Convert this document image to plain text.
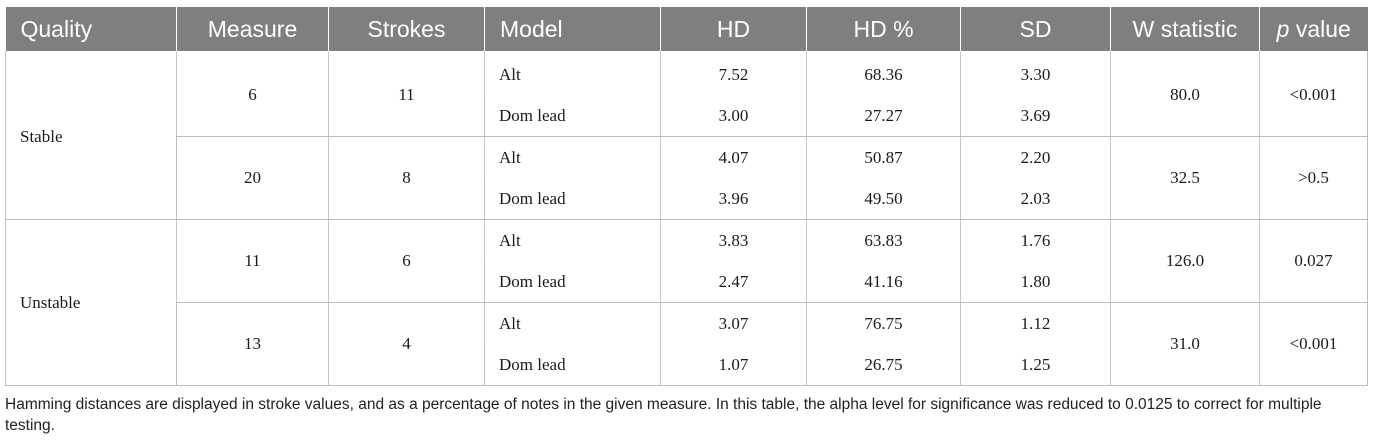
Quality	Measure	Strokes	Model	HD	HD %	SD	W statistic	p value
Stable	6	11	Alt	7.52	68.36	3.30	80.0	<0.001
			Dom lead	3.00	27.27	3.69		
	20	8	Alt	4.07	50.87	2.20	32.5	>0.5
			Dom lead	3.96	49.50	2.03		
Unstable	11	6	Alt	3.83	63.83	1.76	126.0	0.027
			Dom lead	2.47	41.16	1.80		
	13	4	Alt	3.07	76.75	1.12	31.0	<0.001
			Dom lead	1.07	26.75	1.25		
Hamming distances are displayed in stroke values, and as a percentage of notes in the given measure. In this table, the alpha level for significance was reduced to 0.0125 to correct for multiple testing.
